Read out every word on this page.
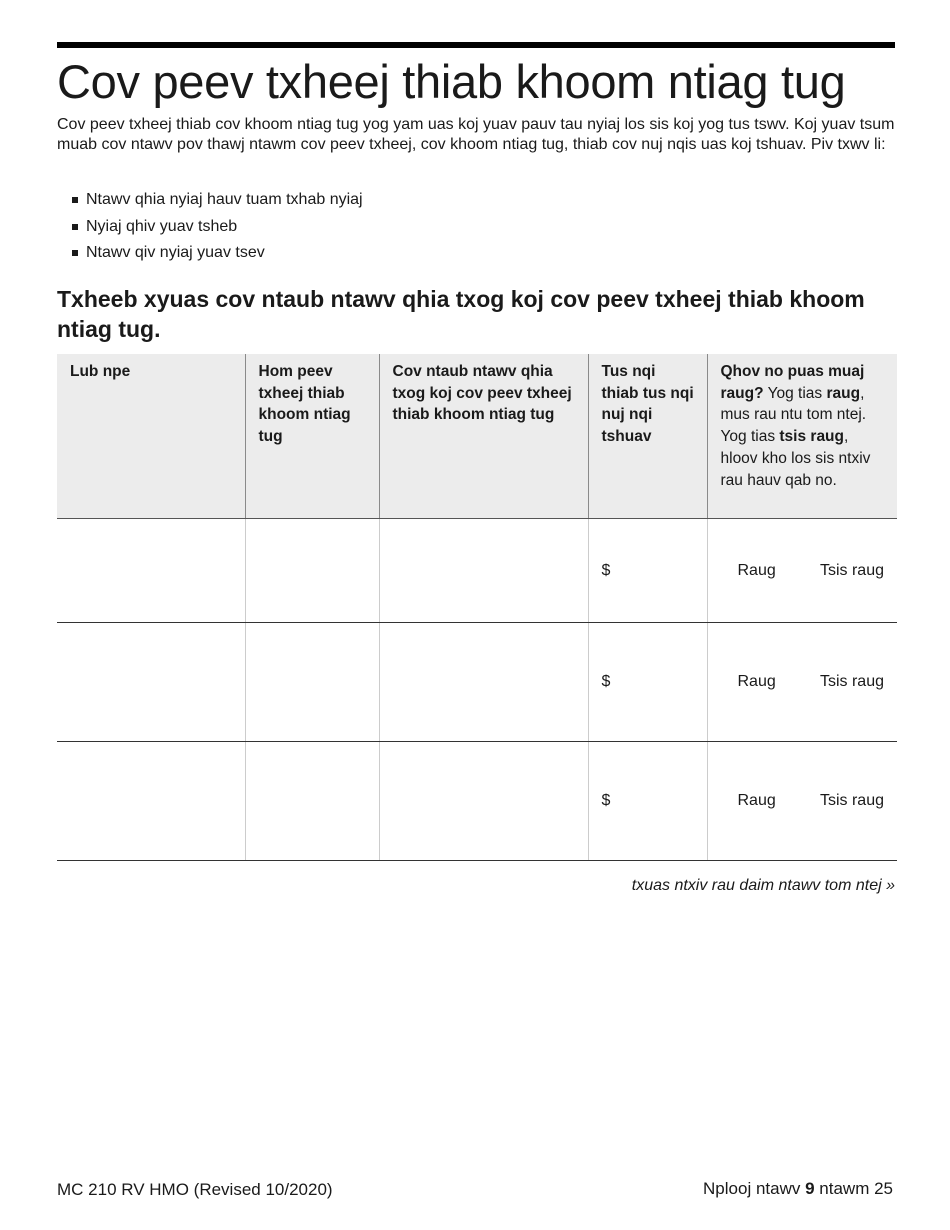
Cov peev txheej thiab khoom ntiag tug

Cov peev txheej thiab cov khoom ntiag tug yog yam uas koj yuav pauv tau nyiaj los sis koj yog tus tswv. Koj yuav tsum muab cov ntawv pov thawj ntawm cov peev txheej, cov khoom ntiag tug, thiab cov nuj nqis uas koj tshuav. Piv txwv li:

Ntawv qhia nyiaj hauv tuam txhab nyiaj
Nyiaj qhiv yuav tsheb
Ntawv qiv nyiaj yuav tsev
Txheeb xyuas cov ntaub ntawv qhia txog koj cov peev txheej thiab khoom ntiag tug.
Lub npe	Hom peev txheej thiab khoom ntiag tug	Cov ntaub ntawv qhia txog koj cov peev txheej thiab khoom ntiag tug	Tus nqi thiab tus nqi nuj nqi tshuav	Qhov no puas muaj raug? Yog tias raug, mus rau ntu tom ntej. Yog tias tsis raug, hloov kho los sis ntxiv rau hauv qab no.
			$	Raug Tsis raug

			$	Raug Tsis raug

			$	Raug Tsis raug

txuas ntxiv rau daim ntawv tom ntej »

MC 210 RV HMO (Revised 10/2020)	Nplooj ntawv 9 ntawm 25
